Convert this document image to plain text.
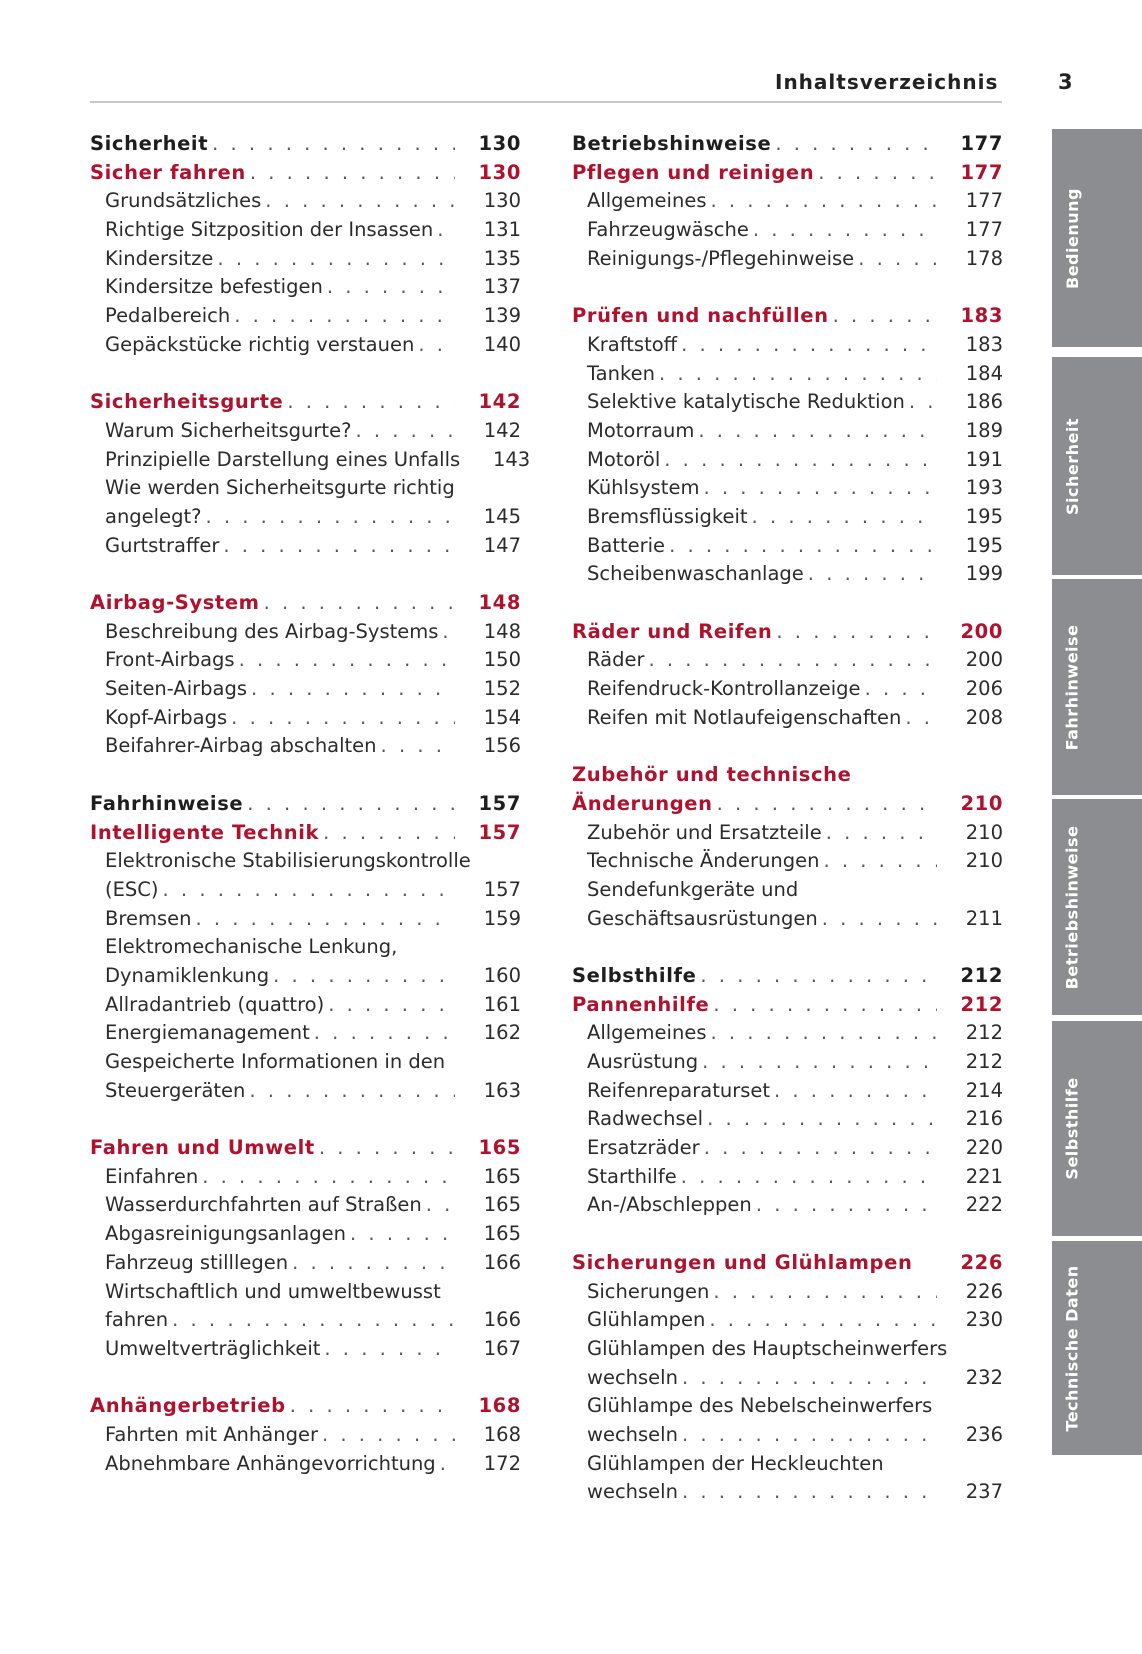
Inhaltsverzeichnis	3
Sicherheit . . .	130
Sicher fahren . . .	130
Grundsätzliches . . .	130
Richtige Sitzposition der Insassen . . .	131
Kindersitze . . .	135
Kindersitze befestigen . . .	137
Pedalbereich . . .	139
Gepäckstücke richtig verstauen . . .	140
Sicherheitsgurte . . .	142
Warum Sicherheitsgurte? . . .	142
Prinzipielle Darstellung eines Unfalls	143
Wie werden Sicherheitsgurte richtig
angelegt? . . .	145
Gurtstraffer . . .	147
Airbag-System . . .	148
Beschreibung des Airbag-Systems . . .	148
Front-Airbags . . .	150
Seiten-Airbags . . .	152
Kopf-Airbags . . .	154
Beifahrer-Airbag abschalten . . .	156
Fahrhinweise . . .	157
Intelligente Technik . . .	157
Elektronische Stabilisierungskontrolle
(ESC) . . .	157
Bremsen . . .	159
Elektromechanische Lenkung,
Dynamiklenkung . . .	160
Allradantrieb (quattro) . . .	161
Energiemanagement . . .	162
Gespeicherte Informationen in den
Steuergeräten . . .	163
Fahren und Umwelt . . .	165
Einfahren . . .	165
Wasserdurchfahrten auf Straßen . . .	165
Abgasreinigungsanlagen . . .	165
Fahrzeug stilllegen . . .	166
Wirtschaftlich und umweltbewusst
fahren . . .	166
Umweltverträglichkeit . . .	167
Anhängerbetrieb . . .	168
Fahrten mit Anhänger . . .	168
Abnehmbare Anhängevorrichtung . . .	172
Betriebshinweise . . .	177
Pflegen und reinigen . . .	177
Allgemeines . . .	177
Fahrzeugwäsche . . .	177
Reinigungs-/Pflegehinweise . . .	178
Prüfen und nachfüllen . . .	183
Kraftstoff . . .	183
Tanken . . .	184
Selektive katalytische Reduktion . . .	186
Motorraum . . .	189
Motoröl . . .	191
Kühlsystem . . .	193
Bremsflüssigkeit . . .	195
Batterie . . .	195
Scheibenwaschanlage . . .	199
Räder und Reifen . . .	200
Räder . . .	200
Reifendruck-Kontrollanzeige . . .	206
Reifen mit Notlaufeigenschaften . . .	208
Zubehör und technische
Änderungen . . .	210
Zubehör und Ersatzteile . . .	210
Technische Änderungen . . .	210
Sendefunkgeräte und
Geschäftsausrüstungen . . .	211
Selbsthilfe . . .	212
Pannenhilfe . . .	212
Allgemeines . . .	212
Ausrüstung . . .	212
Reifenreparaturset . . .	214
Radwechsel . . .	216
Ersatzräder . . .	220
Starthilfe . . .	221
An-/Abschleppen . . .	222
Sicherungen und Glühlampen	226
Sicherungen . . .	226
Glühlampen . . .	230
Glühlampen des Hauptscheinwerfers
wechseln . . .	232
Glühlampe des Nebelscheinwerfers
wechseln . . .	236
Glühlampen der Heckleuchten
wechseln . . .	237
Bedienung
Sicherheit
Fahrhinweise
Betriebshinweise
Selbsthilfe
Technische Daten
